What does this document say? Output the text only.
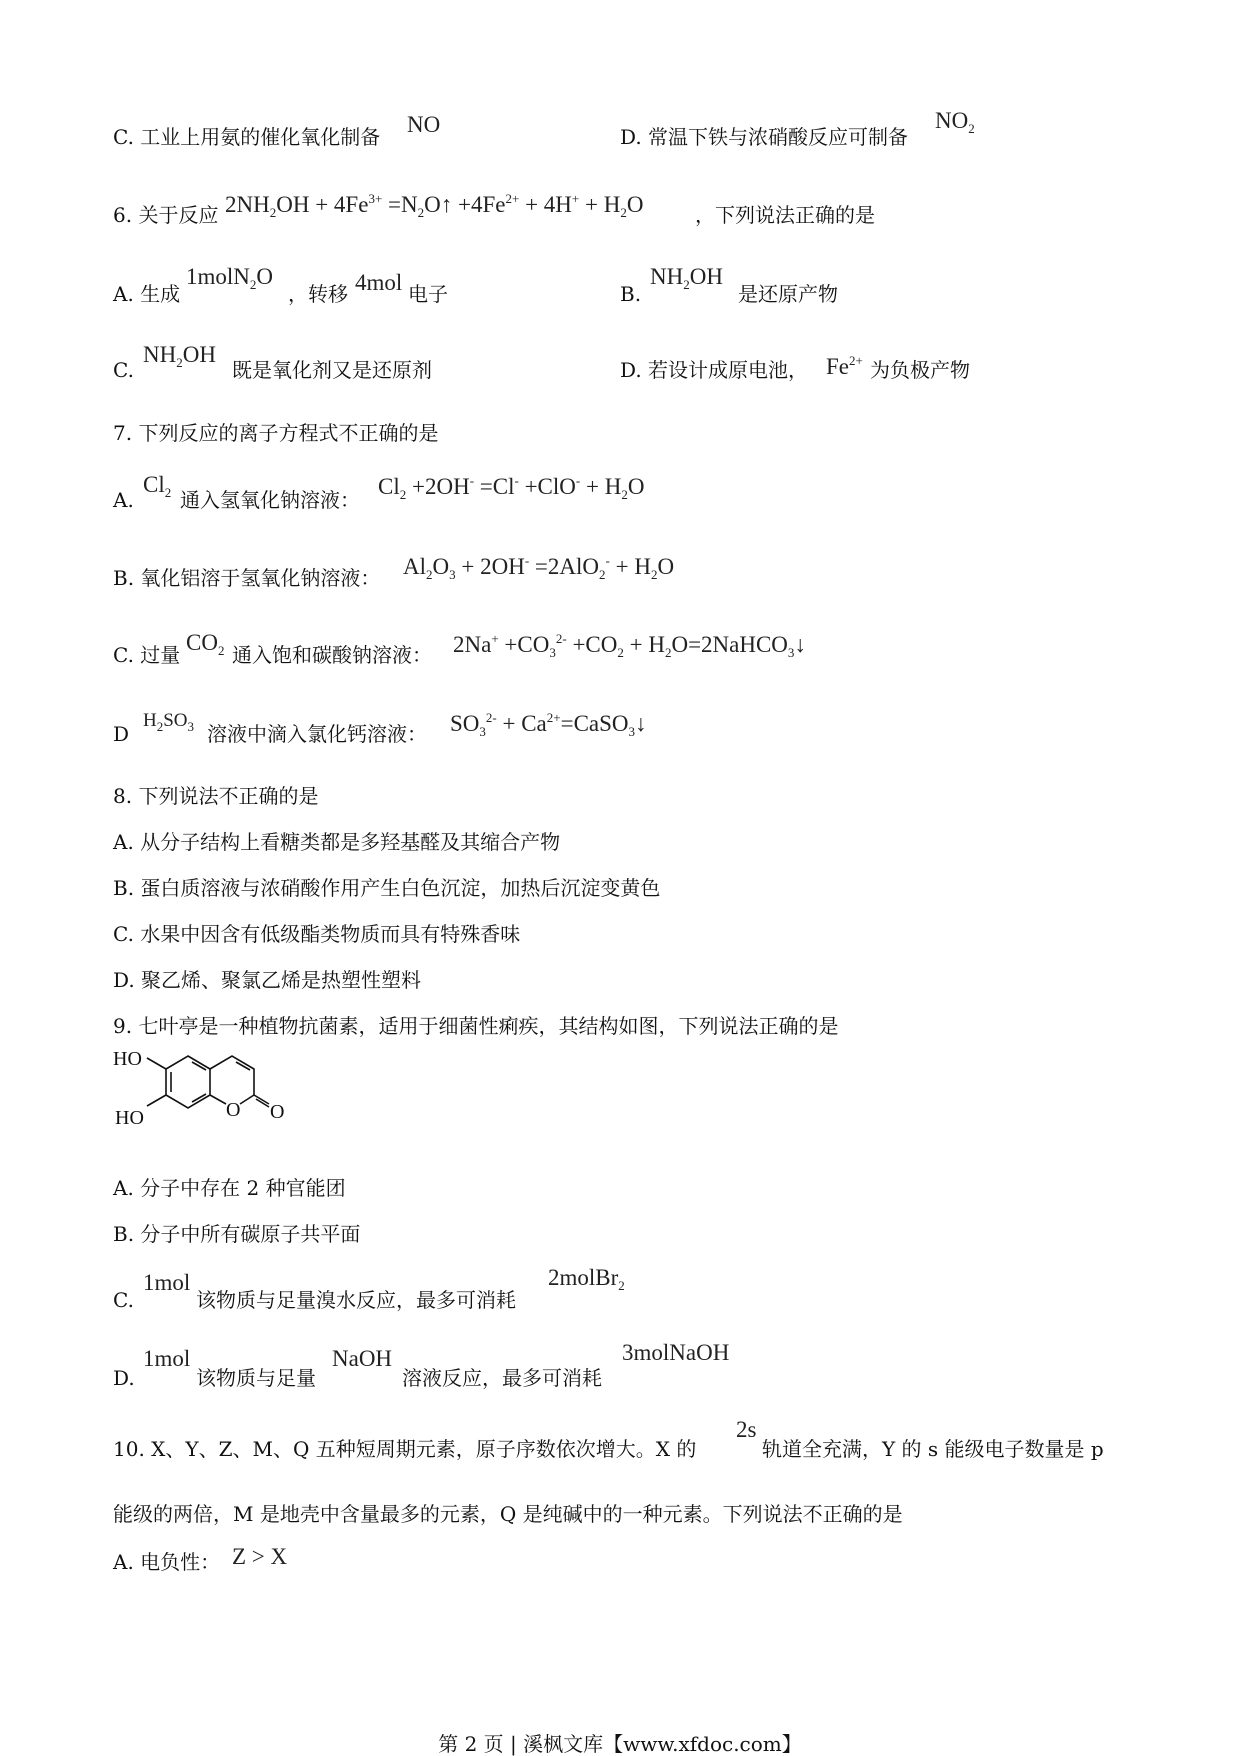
C. 工业上用氨的催化氧化制备 NO	D. 常温下铁与浓硝酸反应可制备
$NO_2$
6. 关于反应 $2NH_2OH + 4Fe^{3+}$ $=N_2O↑ +4Fe^{2+} + 4H^+ + H_2O$	，下列说法正确的是
A. 生成
1molN$_2$O
，转移 4mol 电子	B.
$NH_2OH$
是还原产物
C.
$NH_2OH$
既是氧化剂又是还原剂	D. 若设计成原电池， $Fe^{2+}$ 为负极产物
7. 下列反应的离子方程式不正确的是
A.
$Cl_2$ 通入氢氧化钠溶液：
$Cl_2 +2OH^- =Cl^- +ClO^- + H_2O$
B. 氧化铝溶于氢氧化钠溶液： $Al_2O_3 + 2OH^- =2AlO_2^- + H_2O$
C. 过量 $CO_2$ 通入饱和碳酸钠溶液： $2Na^+ +CO_3^{2-} +CO_2$ + $H_2O=2NaHCO_3↓$
D
$H_2SO_3$ 溶液中滴入氯化钙溶液： $SO_3^{2-}$ + $Ca^{2+}=CaSO_3↓$
8. 下列说法不正确的是
A. 从分子结构上看糖类都是多羟基醛及其缩合产物
B. 蛋白质溶液与浓硝酸作用产生白色沉淀，加热后沉淀变黄色
C. 水果中因含有低级酯类物质而具有特殊香味
D. 聚乙烯、聚氯乙烯是热塑性塑料
9. 七叶亭是一种植物抗菌素，适用于细菌性痢疾，其结构如图，下列说法正确的是
HO
HO	O O
A. 分子中存在 2 种官能团
B. 分子中所有碳原子共平面
C.
1mol
该物质与足量溴水反应，最多可消耗
2molBr$_2$
D.
1mol
该物质与足量
NaOH
溶液反应，最多可消耗
3molNaOH
10. X、Y、Z、M、Q 五种短周期元素，原子序数依次增大。X 的
2s
轨道全充满，Y 的 s 能级电子数量是 p
能级的两倍，M 是地壳中含量最多的元素，Q 是纯碱中的一种元素。下列说法不正确的是
A. 电负性： Z > X
第 2 页 | 溪枫文库【www.xfdoc.com】
